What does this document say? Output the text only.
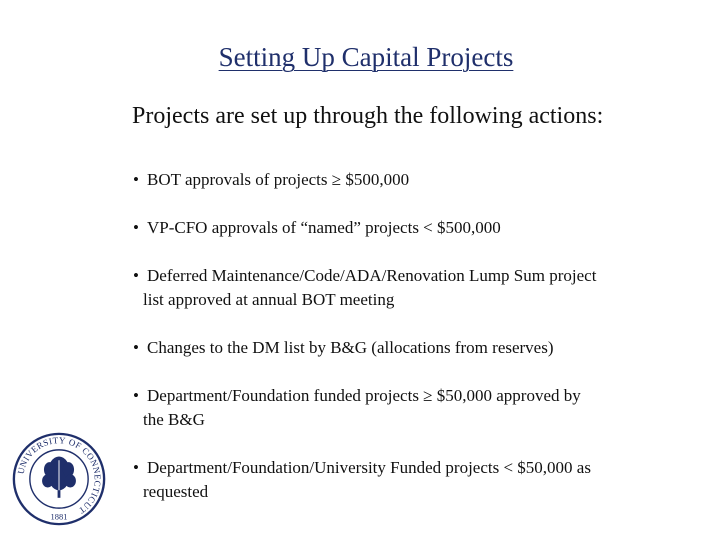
Setting Up Capital Projects
Projects are set up through the following actions:
• BOT approvals of projects ≥ $500,000
• VP-CFO approvals of “named” projects < $500,000
• Deferred Maintenance/Code/ADA/Renovation Lump Sum project
list approved at annual BOT meeting
• Changes to the DM list by B&G (allocations from reserves)
• Department/Foundation funded projects ≥ $50,000 approved by
the B&G
• Department/Foundation/University Funded projects < $50,000 as
requested
UNIVERSITY OF CONNECTICUT
1881
